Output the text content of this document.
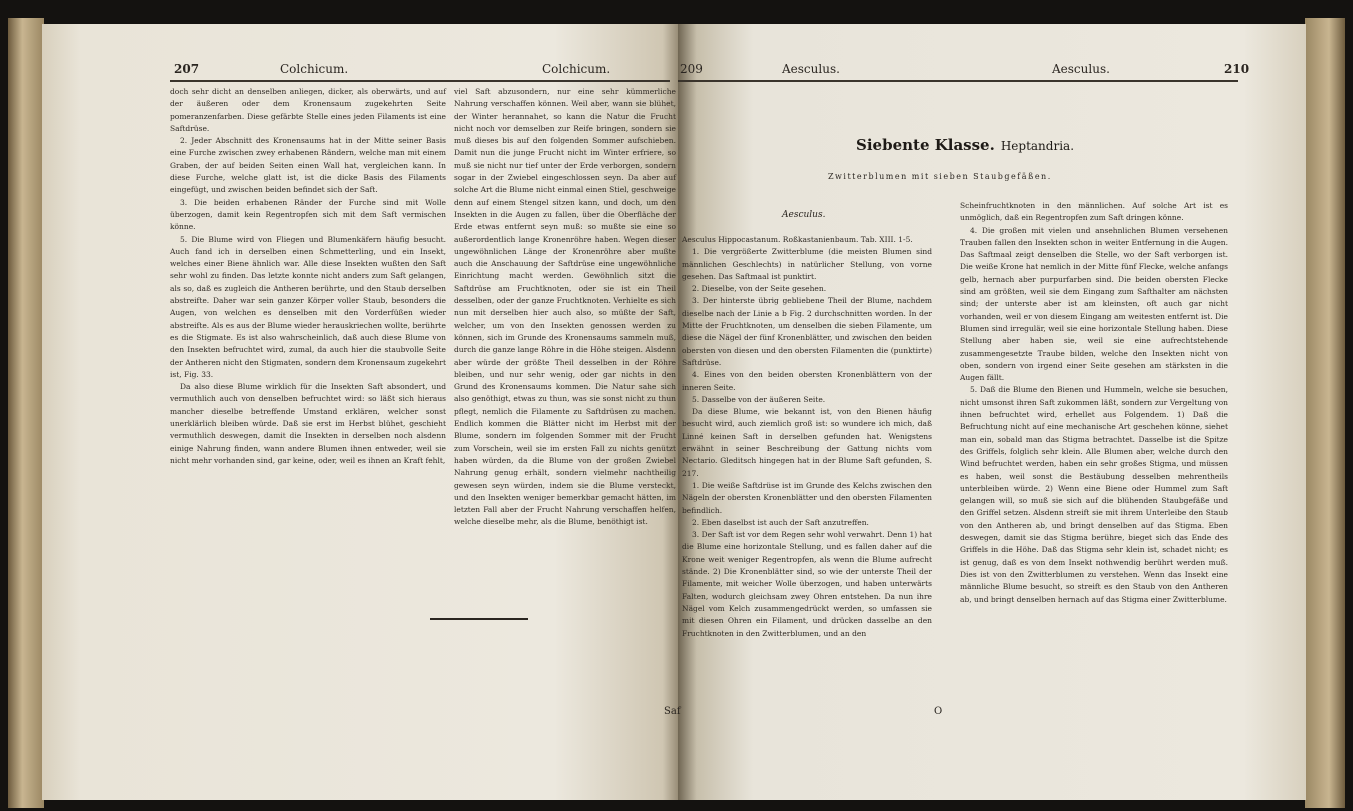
207	Colchicum.	Colchicum.

doch sehr dicht an denselben anliegen, dicker, als oberwärts, und auf der äußeren oder dem Kronensaum zugekehrten Seite pomeranzenfarben. Diese gefärbte Stelle eines jeden Filaments ist eine Saftdrüse.

2. Jeder Abschnitt des Kronensaums hat in der Mitte seiner Basis eine Furche zwischen zwey erhabenen Rändern, welche man mit einem Graben, der auf beiden Seiten einen Wall hat, vergleichen kann. In diese Furche, welche glatt ist, ist die dicke Basis des Filaments eingefügt, und zwischen beiden befindet sich der Saft.

3. Die beiden erhabenen Ränder der Furche sind mit Wolle überzogen, damit kein Regentropfen sich mit dem Saft vermischen könne.

5. Die Blume wird von Fliegen und Blumenkäfern häufig besucht. Auch fand ich in derselben einen Schmetterling, und ein Insekt, welches einer Biene ähnlich war. Alle diese Insekten wußten den Saft sehr wohl zu finden. Das letzte konnte nicht anders zum Saft gelangen, als so, daß es zugleich die Antheren berührte, und den Staub derselben abstreifte. Daher war sein ganzer Körper voller Staub, besonders die Augen, von welchen es denselben mit den Vorderfüßen wieder abstreifte. Als es aus der Blume wieder herauskriechen wollte, berührte es die Stigmate. Es ist also wahrscheinlich, daß auch diese Blume von den Insekten befruchtet wird, zumal, da auch hier die staubvolle Seite der Antheren nicht den Stigmaten, sondern dem Kronensaum zugekehrt ist, Fig. 33.

Da also diese Blume wirklich für die Insekten Saft absondert, und vermuthlich auch von denselben befruchtet wird: so läßt sich hieraus mancher dieselbe betreffende Umstand erklären, welcher sonst unerklärlich bleiben würde. Daß sie erst im Herbst blühet, geschieht vermuthlich deswegen, damit die Insekten in derselben noch alsdenn einige Nahrung finden, wann andere Blumen ihnen entweder, weil sie nicht mehr vorhanden sind, gar keine, oder, weil es ihnen an Kraft fehlt,

viel Saft abzusondern, nur eine sehr kümmerliche Nahrung verschaffen können. Weil aber, wann sie blühet, der Winter herannahet, so kann die Natur die Frucht nicht noch vor demselben zur Reife bringen, sondern sie muß dieses bis auf den folgenden Sommer aufschieben. Damit nun die junge Frucht nicht im Winter erfriere, so muß sie nicht nur tief unter der Erde verborgen, sondern sogar in der Zwiebel eingeschlossen seyn. Da aber auf solche Art die Blume nicht einmal einen Stiel, geschweige denn auf einem Stengel sitzen kann, und doch, um den Insekten in die Augen zu fallen, über die Oberfläche der Erde etwas entfernt seyn muß: so mußte sie eine so außerordentlich lange Kronenröhre haben. Wegen dieser ungewöhnlichen Länge der Kronenröhre aber mußte auch die Anschauung der Saftdrüse eine ungewöhnliche Einrichtung macht werden. Gewöhnlich sitzt die Saftdrüse am Fruchtknoten, oder sie ist ein Theil desselben, oder der ganze Fruchtknoten. Verhielte es sich nun mit derselben hier auch also, so müßte der Saft, welcher, um von den Insekten genossen werden zu können, sich im Grunde des Kronensaums sammeln muß, durch die ganze lange Röhre in die Höhe steigen. Alsdenn aber würde der größte Theil desselben in der Röhre bleiben, und nur sehr wenig, oder gar nichts in den Grund des Kronensaums kommen. Die Natur sahe sich also genöthigt, etwas zu thun, was sie sonst nicht zu thun pflegt, nemlich die Filamente zu Saftdrüsen zu machen. Endlich kommen die Blätter nicht im Herbst mit der Blume, sondern im folgenden Sommer mit der Frucht zum Vorschein, weil sie im ersten Fall zu nichts genützt haben würden, da die Blume von der großen Zwiebel Nahrung genug erhält, sondern vielmehr nachtheilig gewesen seyn würden, indem sie die Blume versteckt, und den Insekten weniger bemerkbar gemacht hätten, im letzten Fall aber der Frucht Nahrung verschaffen helfen, welche dieselbe mehr, als die Blume, benöthigt ist.

209	Aesculus.	Aesculus.	210
Siebente Klasse. Heptandria.
Zwitterblumen mit sieben Staubgefäßen.
Aesculus.

Aesculus Hippocastanum. Roßkastanienbaum. Tab. XIII. 1-5.

1. Die vergrößerte Zwitterblume (die meisten Blumen sind männlichen Geschlechts) in natürlicher Stellung, von vorne gesehen. Das Saftmaal ist punktirt.

2. Dieselbe, von der Seite gesehen.

3. Der hinterste übrig gebliebene Theil der Blume, nachdem dieselbe nach der Linie a b Fig. 2 durchschnitten worden. In der Mitte der Fruchtknoten, um denselben die sieben Filamente, um diese die Nägel der fünf Kronenblätter, und zwischen den beiden obersten von diesen und den obersten Filamenten die (punktirte) Saftdrüse.

4. Eines von den beiden obersten Kronenblättern von der inneren Seite.

5. Dasselbe von der äußeren Seite.

Da diese Blume, wie bekannt ist, von den Bienen häufig besucht wird, auch ziemlich groß ist: so wundere ich mich, daß Linné keinen Saft in derselben gefunden hat. Wenigstens erwähnt in seiner Beschreibung der Gattung nichts vom Nectario. Gleditsch hingegen hat in der Blume Saft gefunden, S. 217.

1. Die weiße Saftdrüse ist im Grunde des Kelchs zwischen den Nägeln der obersten Kronenblätter und den obersten Filamenten befindlich.

2. Eben daselbst ist auch der Saft anzutreffen.

3. Der Saft ist vor dem Regen sehr wohl verwahrt. Denn 1) hat die Blume eine horizontale Stellung, und es fallen daher auf die Krone weit weniger Regentropfen, als wenn die Blume aufrecht stände. 2) Die Kronenblätter sind, so wie der unterste Theil der Filamente, mit weicher Wolle überzogen, und haben unterwärts Falten, wodurch gleichsam zwey Ohren entstehen. Da nun ihre Nägel vom Kelch zusammengedrückt werden, so umfassen sie mit diesen Ohren ein Filament, und drücken dasselbe an den Fruchtknoten in den Zwitterblumen, und an den

Scheinfruchtknoten in den männlichen. Auf solche Art ist es unmöglich, daß ein Regentropfen zum Saft dringen könne.

4. Die großen mit vielen und ansehnlichen Blumen versehenen Trauben fallen den Insekten schon in weiter Entfernung in die Augen. Das Saftmaal zeigt denselben die Stelle, wo der Saft verborgen ist. Die weiße Krone hat nemlich in der Mitte fünf Flecke, welche anfangs gelb, hernach aber purpurfarben sind. Die beiden obersten Flecke sind am größten, weil sie dem Eingang zum Safthalter am nächsten sind; der unterste aber ist am kleinsten, oft auch gar nicht vorhanden, weil er von diesem Eingang am weitesten entfernt ist. Die Blumen sind irregulär, weil sie eine horizontale Stellung haben. Diese Stellung aber haben sie, weil sie eine aufrechtstehende zusammengesetzte Traube bilden, welche den Insekten nicht von oben, sondern von irgend einer Seite gesehen am stärksten in die Augen fällt.

5. Daß die Blume den Bienen und Hummeln, welche sie besuchen, nicht umsonst ihren Saft zukommen läßt, sondern zur Vergeltung von ihnen befruchtet wird, erhellet aus Folgendem. 1) Daß die Befruchtung nicht auf eine mechanische Art geschehen könne, siehet man ein, sobald man das Stigma betrachtet. Dasselbe ist die Spitze des Griffels, folglich sehr klein. Alle Blumen aber, welche durch den Wind befruchtet werden, haben ein sehr großes Stigma, und müssen es haben, weil sonst die Bestäubung desselben mehrentheils unterbleiben würde. 2) Wenn eine Biene oder Hummel zum Saft gelangen will, so muß sie sich auf die blühenden Staubgefäße und den Griffel setzen. Alsdenn streift sie mit ihrem Unterleibe den Staub von den Antheren ab, und bringt denselben auf das Stigma. Eben deswegen, damit sie das Stigma berühre, bieget sich das Ende des Griffels in die Höhe. Daß das Stigma sehr klein ist, schadet nicht; es ist genug, daß es von dem Insekt nothwendig berührt werden muß. Dies ist von den Zwitterblumen zu verstehen. Wenn das Insekt eine männliche Blume besucht, so streift es den Staub von den Antheren ab, und bringt denselben hernach auf das Stigma einer Zwitterblume.

Saf	O
